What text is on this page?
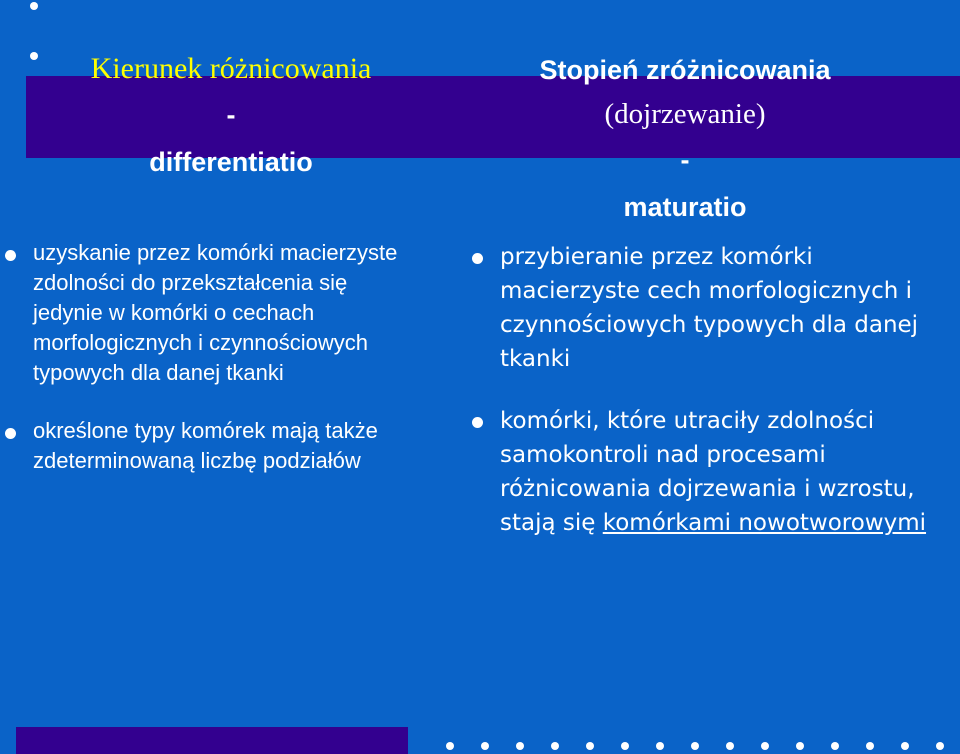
Kierunek różnicowania
-
differentiatio
Stopień zróżnicowania
(dojrzewanie)
-
maturatio
uzyskanie przez komórki macierzyste zdolności do przekształcenia się jedynie w komórki o cechach morfologicznych i czynnościowych typowych dla danej tkanki
określone typy komórek mają także zdeterminowaną liczbę podziałów
przybieranie przez komórki macierzyste cech morfologicznych i czynnościowych typowych dla danej tkanki
komórki, które utraciły zdolności samokontroli nad procesami różnicowania dojrzewania i wzrostu, stają się komórkami nowotworowymi
